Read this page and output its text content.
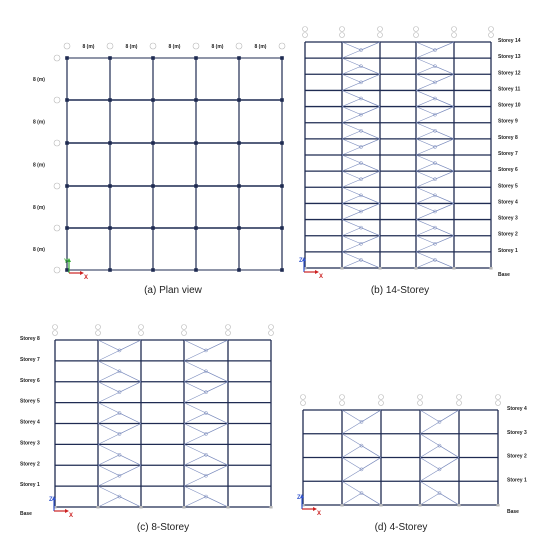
8 (m)	8 (m)	8 (m)	8 (m)	8 (m)
8 (m)
8 (m)
8 (m)
8 (m)
8 (m)
Y
X
(a) Plan view
Storey 14
Storey 13
Storey 12
Storey 11
Storey 10
Storey 9
Storey 8
Storey 7
Storey 6
Storey 5
Storey 4
Storey 3
Storey 2
Storey 1
Base
Z
X
(b) 14-Storey
Storey 8
Storey 7
Storey 6
Storey 5
Storey 4
Storey 3
Storey 2
Storey 1
Base
Z
X
(c) 8-Storey
Storey 4
Storey 3
Storey 2
Storey 1
Base
Z
X
(d) 4-Storey
